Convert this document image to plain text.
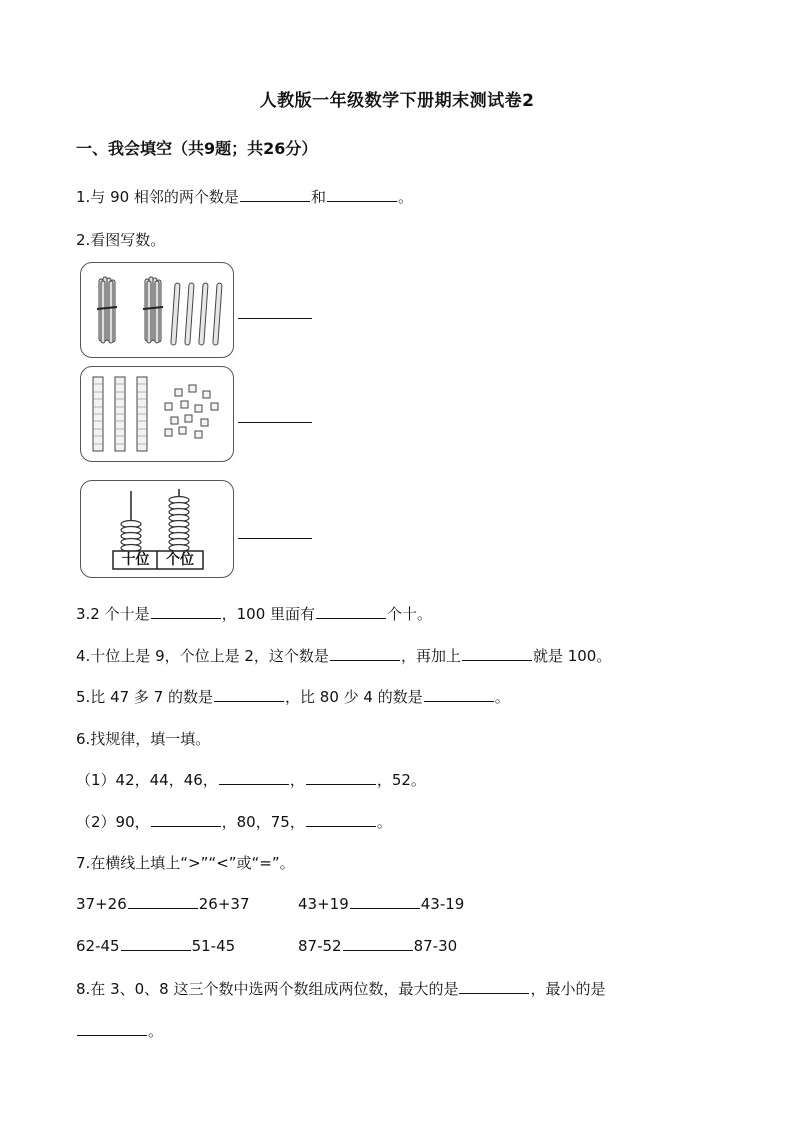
人教版一年级数学下册期末测试卷2
一、我会填空（共9题；共26分）
1.与 90 相邻的两个数是	和	。
2.看图写数。
十位	个位
3.2 个十是	，100 里面有	个十。
4.十位上是 9，个位上是 2，这个数是	，再加上	就是 100。
5.比 47 多 7 的数是	，比 80 少 4 的数是	。
6.找规律，填一填。
（1）42，44，46，	，	，52。
（2）90，	，80，75，	。
7.在横线上填上“>”“<”或“=”。
37+26	26+37	43+19	43-19
62-45	51-45	87-52	87-30
8.在 3、0、8 这三个数中选两个数组成两位数，最大的是	，最小的是
。
